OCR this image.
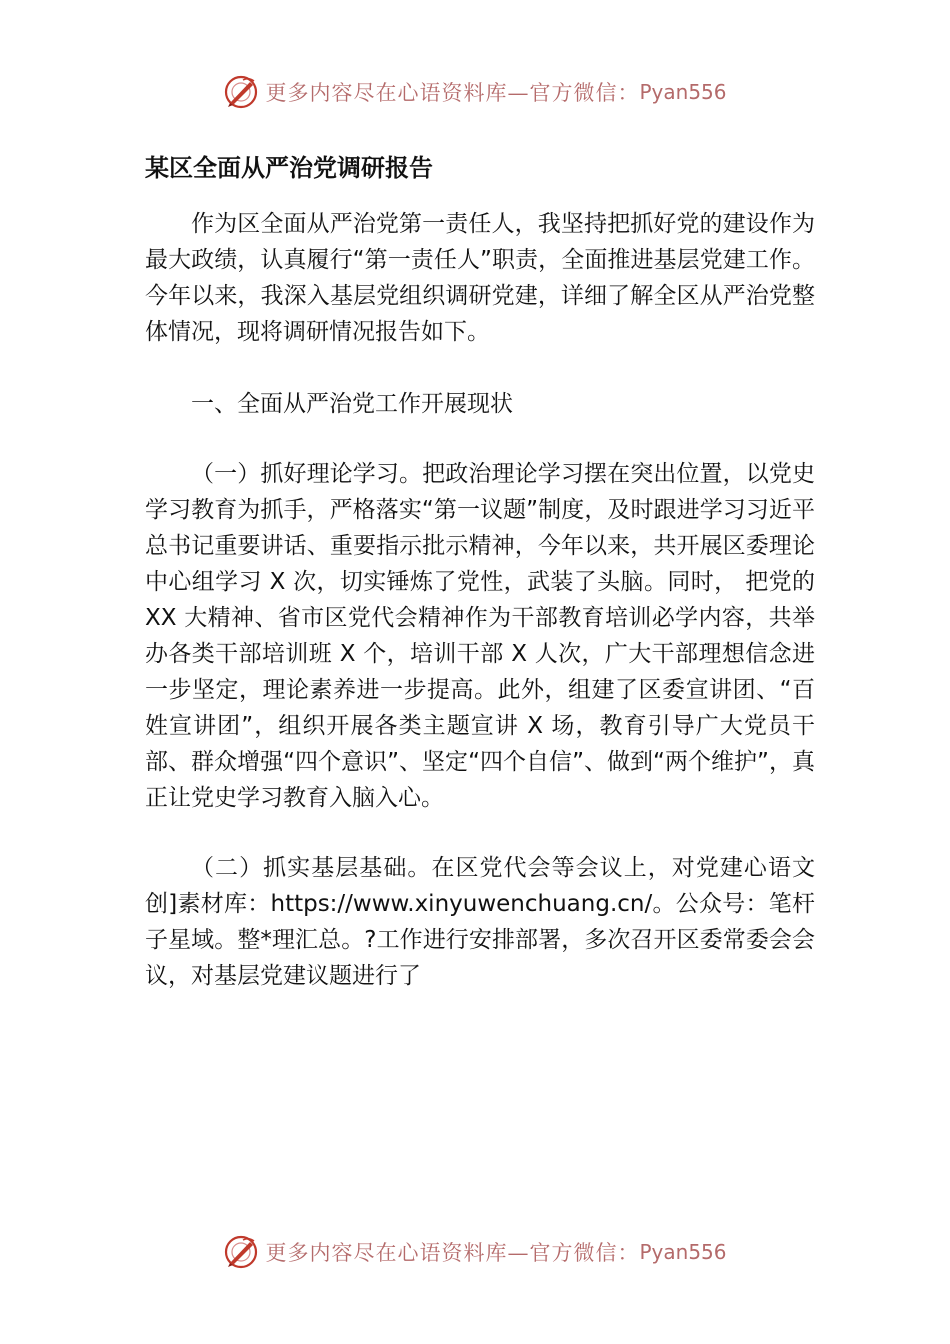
更多内容尽在心语资料库—官方微信： Pyan556
某区全面从严治党调研报告

作为区全面从严治党第一责任人，我坚持把抓好党的建设作为最大政绩，认真履行“第一责任人”职责，全面推进基层党建工作。今年以来，我深入基层党组织调研党建，详细了解全区从严治党整体情况，现将调研情况报告如下。

一、全面从严治党工作开展现状

（一）抓好理论学习。把政治理论学习摆在突出位置，以党史学习教育为抓手，严格落实“第一议题”制度，及时跟进学习习近平总书记重要讲话、重要指示批示精神，今年以来，共开展区委理论中心组学习 X 次，切实锤炼了党性，武装了头脑。同时， 把党的 XX 大精神、省市区党代会精神作为干部教育培训必学内容，共举办各类干部培训班 X 个，培训干部 X 人次，广大干部理想信念进一步坚定，理论素养进一步提高。此外，组建了区委宣讲团、“百姓宣讲团”，组织开展各类主题宣讲 X 场，教育引导广大党员干部、群众增强“四个意识”、坚定“四个自信”、做到“两个维护”，真正让党史学习教育入脑入心。

（二）抓实基层基础。在区党代会等会议上，对党建心语文创]素材库：https://www.xinyuwenchuang.cn/。公众号：笔杆子星域。整*理汇总。?工作进行安排部署，多次召开区委常委会会议，对基层党建议题进行了

更多内容尽在心语资料库—官方微信： Pyan556
